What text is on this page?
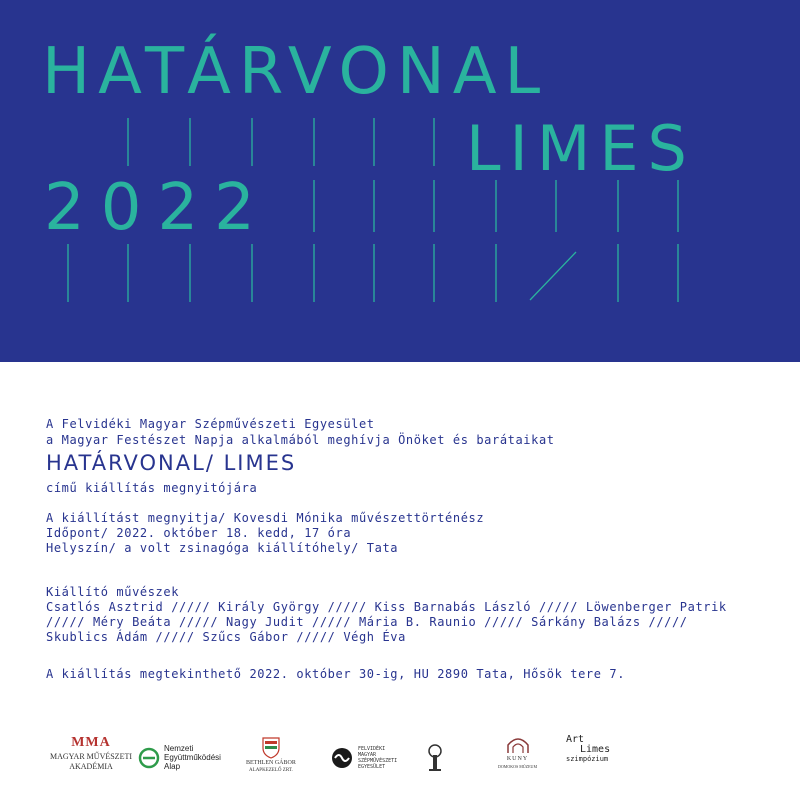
HATÁRVONAL
LIMES
2022
A Felvidéki Magyar Szépművészeti Egyesület
a Magyar Festészet Napja alkalmából meghívja Önöket és barátaikat
HATÁRVONAL/ LIMES
című kiállítás megnyitójára
A kiállítást megnyitja/ Kovesdi Mónika művészettörténész
Időpont/ 2022. október 18. kedd, 17 óra
Helyszín/ a volt zsinagóga kiállítóhely/ Tata
Kiállító művészek
Csatlós Asztrid ///// Király György ///// Kiss Barnabás László ///// Löwenberger Patrik
///// Méry Beáta ///// Nagy Judit ///// Mária B. Raunio ///// Sárkány Balázs /////
Skublics Ádám ///// Szűcs Gábor ///// Végh Éva
A kiállítás megtekinthető 2022. október 30-ig, HU 2890 Tata, Hősök tere 7.
MMA
MAGYAR MŰVÉSZETI
AKADÉMIA
Nemzeti
Együttműködési
Alap	BETHLEN GÁBOR
ALAPKEZELŐ ZRT.
FELVIDÉKI
MAGYAR
SZÉPMŰVÉSZETI
EGYESÜLET
KUNY
DOMOKOS MÚZEUM
Art
Limes
szimpózium
